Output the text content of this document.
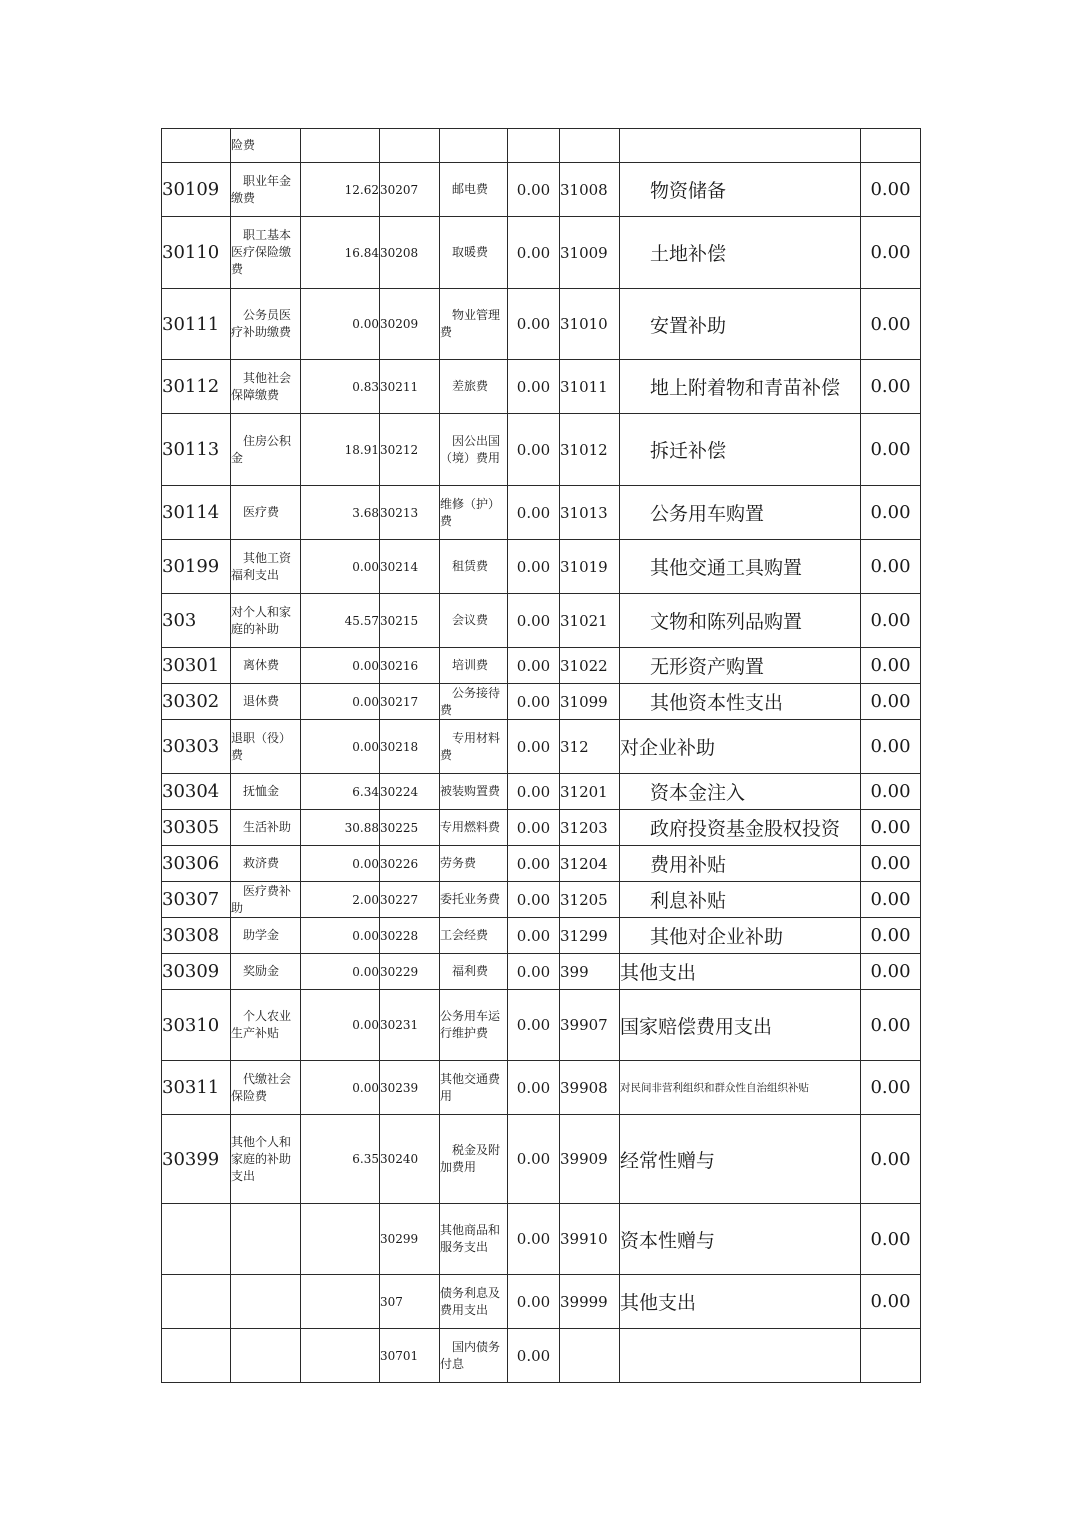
	险费							
30109	职业年金缴费	12.62	30207	邮电费	0.00	31008	物资储备	0.00
30110	职工基本医疗保险缴费	16.84	30208	取暖费	0.00	31009	土地补偿	0.00
30111	公务员医疗补助缴费	0.00	30209	物业管理费	0.00	31010	安置补助	0.00
30112	其他社会保障缴费	0.83	30211	差旅费	0.00	31011	地上附着物和青苗补偿	0.00
30113	住房公积金	18.91	30212	因公出国（境）费用	0.00	31012	拆迁补偿	0.00
30114	医疗费	3.68	30213	维修（护）费	0.00	31013	公务用车购置	0.00
30199	其他工资福利支出	0.00	30214	租赁费	0.00	31019	其他交通工具购置	0.00
303	对个人和家庭的补助	45.57	30215	会议费	0.00	31021	文物和陈列品购置	0.00
30301	离休费	0.00	30216	培训费	0.00	31022	无形资产购置	0.00
30302	退休费	0.00	30217	公务接待费	0.00	31099	其他资本性支出	0.00
30303	退职（役）费	0.00	30218	专用材料费	0.00	312	对企业补助	0.00
30304	抚恤金	6.34	30224	被装购置费	0.00	31201	资本金注入	0.00
30305	生活补助	30.88	30225	专用燃料费	0.00	31203	政府投资基金股权投资	0.00
30306	救济费	0.00	30226	劳务费	0.00	31204	费用补贴	0.00
30307	医疗费补助	2.00	30227	委托业务费	0.00	31205	利息补贴	0.00
30308	助学金	0.00	30228	工会经费	0.00	31299	其他对企业补助	0.00
30309	奖励金	0.00	30229	福利费	0.00	399	其他支出	0.00
30310	个人农业生产补贴	0.00	30231	公务用车运行维护费	0.00	39907	国家赔偿费用支出	0.00
30311	代缴社会保险费	0.00	30239	其他交通费用	0.00	39908	对民间非营利组织和群众性自治组织补贴	0.00
30399	其他个人和家庭的补助支出	6.35	30240	税金及附加费用	0.00	39909	经常性赠与	0.00
			30299	其他商品和服务支出	0.00	39910	资本性赠与	0.00
			307	债务利息及费用支出	0.00	39999	其他支出	0.00
			30701	国内债务付息	0.00			
